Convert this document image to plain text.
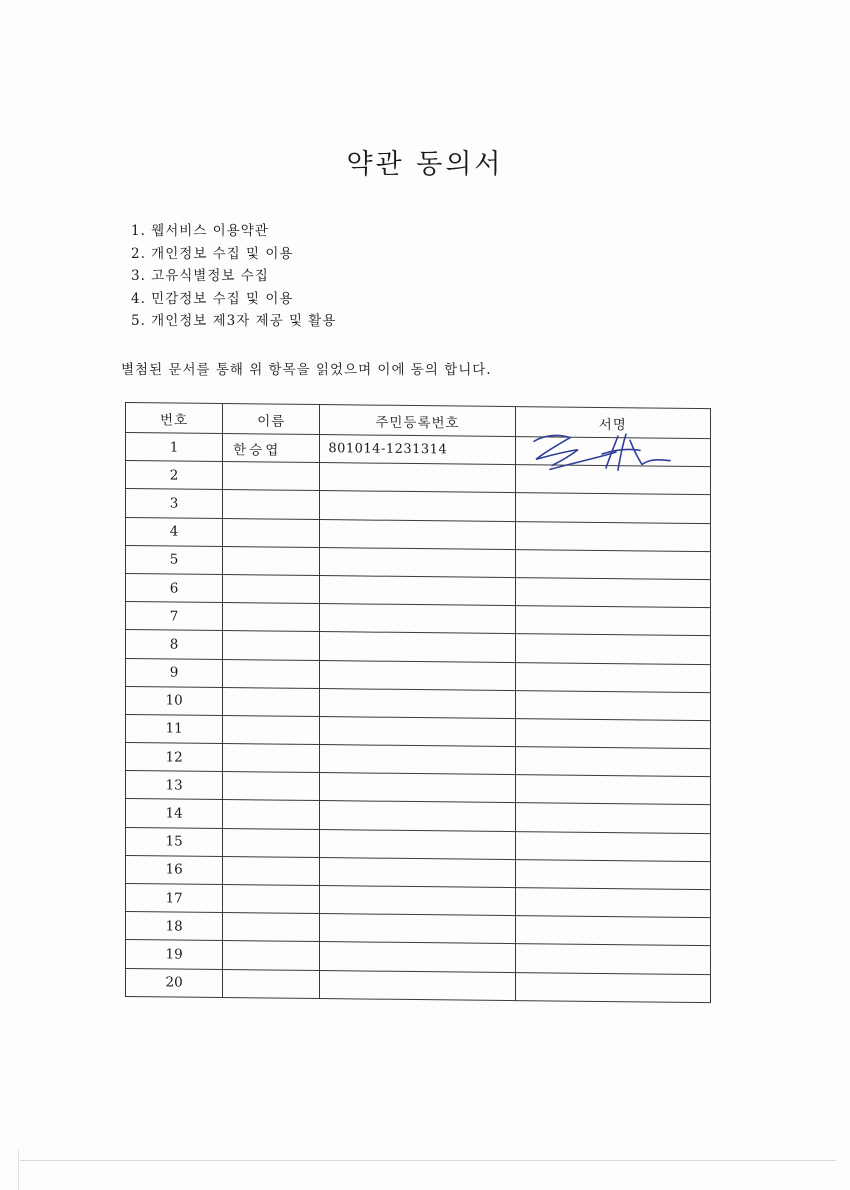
약관 동의서
1. 웹서비스 이용약관
2. 개인정보 수집 및 이용
3. 고유식별정보 수집
4. 민감정보 수집 및 이용
5. 개인정보 제3자 제공 및 활용
별첨된 문서를 통해 위 항목을 읽었으며 이에 동의 합니다.
번호	이름	주민등록번호	서명
1	한승엽	801014-1231314	

2			
3			
4			
5			
6			
7			
8			
9			
10			
11			
12			
13			
14			
15			
16			
17			
18			
19			
20			
